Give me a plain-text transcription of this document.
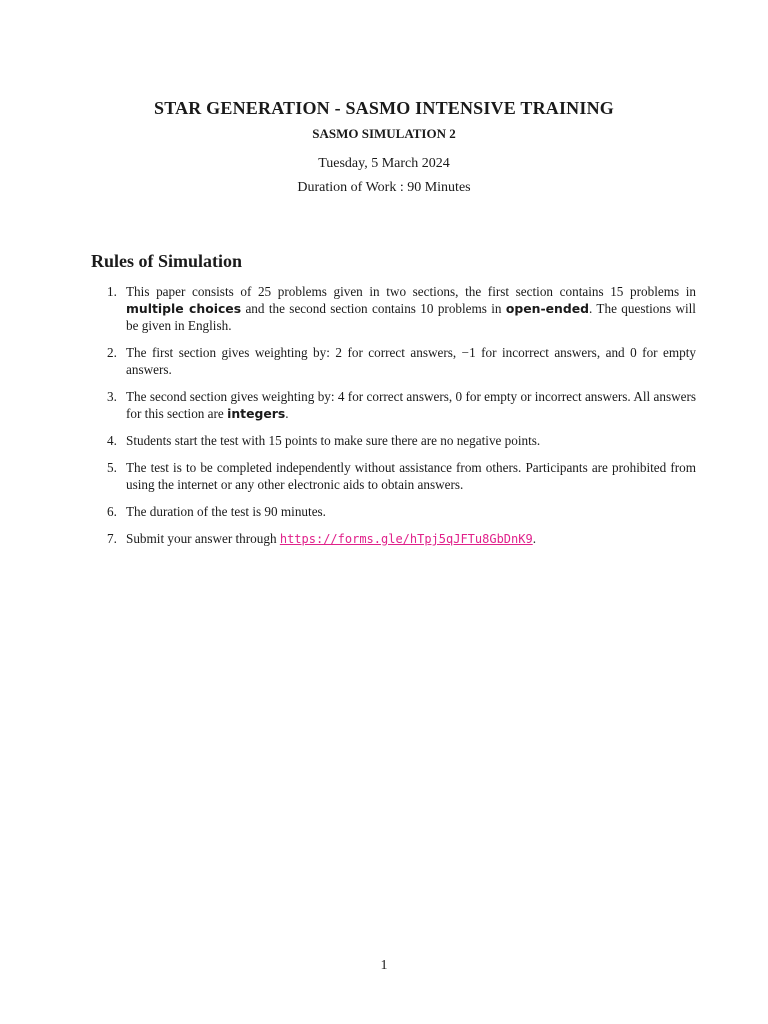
STAR GENERATION - SASMO INTENSIVE TRAINING
SASMO SIMULATION 2
Tuesday, 5 March 2024
Duration of Work : 90 Minutes
Rules of Simulation
1. This paper consists of 25 problems given in two sections, the first section contains 15 problems in multiple choices and the second section contains 10 problems in open-ended. The questions will be given in English.
2. The first section gives weighting by: 2 for correct answers, −1 for incorrect answers, and 0 for empty answers.
3. The second section gives weighting by: 4 for correct answers, 0 for empty or incorrect answers. All answers for this section are integers.
4. Students start the test with 15 points to make sure there are no negative points.
5. The test is to be completed independently without assistance from others. Participants are prohibited from using the internet or any other electronic aids to obtain answers.
6. The duration of the test is 90 minutes.
7. Submit your answer through https://forms.gle/hTpj5qJFTu8GbDnK9.
1
